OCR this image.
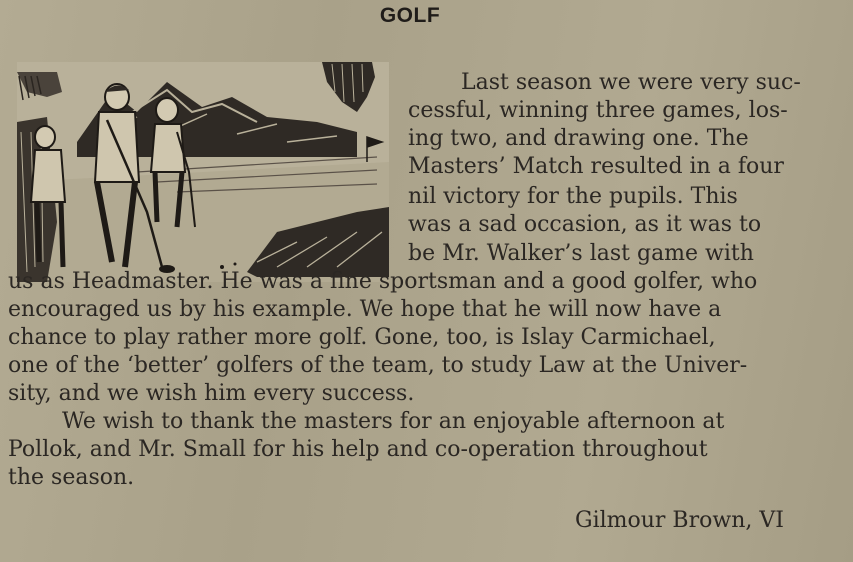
GOLF
Last season we were very suc-
cessful, winning three games, los-
ing two, and drawing one. The
Masters’ Match resulted in a four
nil victory for the pupils. This
was a sad occasion, as it was to
be Mr. Walker’s last game with
us as Headmaster. He was a fine sportsman and a good golfer, who
encouraged us by his example. We hope that he will now have a
chance to play rather more golf. Gone, too, is Islay Carmichael,
one of the ‘better’ golfers of the team, to study Law at the Univer-
sity, and we wish him every success.
We wish to thank the masters for an enjoyable afternoon at
Pollok, and Mr. Small for his help and co-operation throughout
the season.
Gilmour Brown, VI
